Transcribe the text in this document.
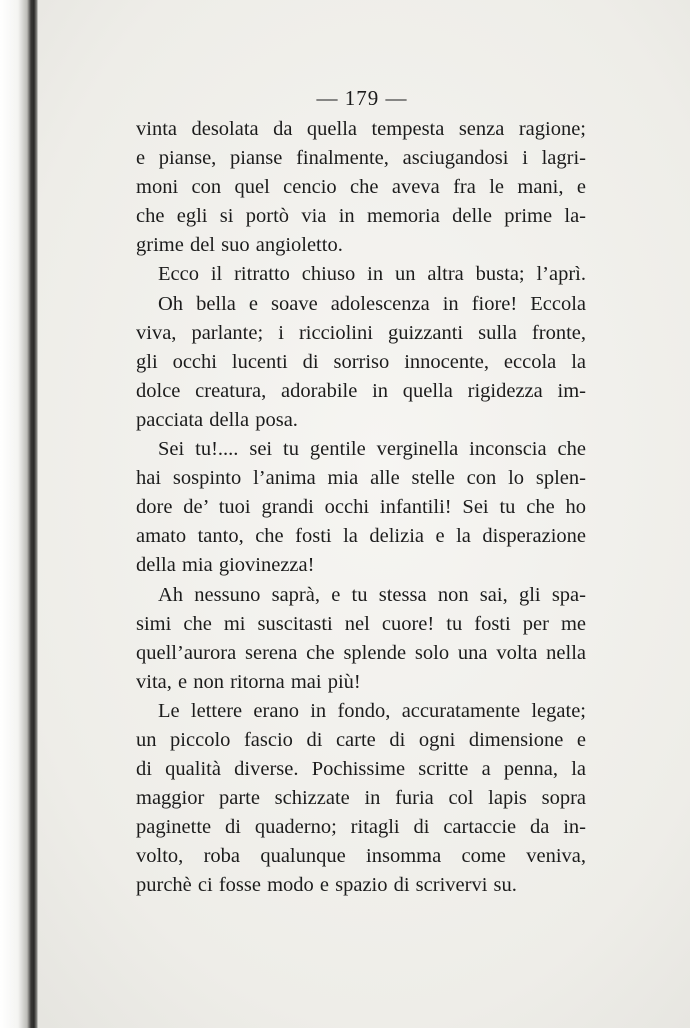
— 179 —
vinta desolata da quella tempesta senza ragione;
e pianse, pianse finalmente, asciugandosi i lagri-
moni con quel cencio che aveva fra le mani, e
che egli si portò via in memoria delle prime la-
grime del suo angioletto.
Ecco il ritratto chiuso in un altra busta; l’aprì.
Oh bella e soave adolescenza in fiore! Eccola
viva, parlante; i ricciolini guizzanti sulla fronte,
gli occhi lucenti di sorriso innocente, eccola la
dolce creatura, adorabile in quella rigidezza im-
pacciata della posa.
Sei tu!.... sei tu gentile verginella inconscia che
hai sospinto l’anima mia alle stelle con lo splen-
dore de’ tuoi grandi occhi infantili! Sei tu che ho
amato tanto, che fosti la delizia e la disperazione
della mia giovinezza!
Ah nessuno saprà, e tu stessa non sai, gli spa-
simi che mi suscitasti nel cuore! tu fosti per me
quell’aurora serena che splende solo una volta nella
vita, e non ritorna mai più!
Le lettere erano in fondo, accuratamente legate;
un piccolo fascio di carte di ogni dimensione e
di qualità diverse. Pochissime scritte a penna, la
maggior parte schizzate in furia col lapis sopra
paginette di quaderno; ritagli di cartaccie da in-
volto, roba qualunque insomma come veniva,
purchè ci fosse modo e spazio di scrivervi su.
